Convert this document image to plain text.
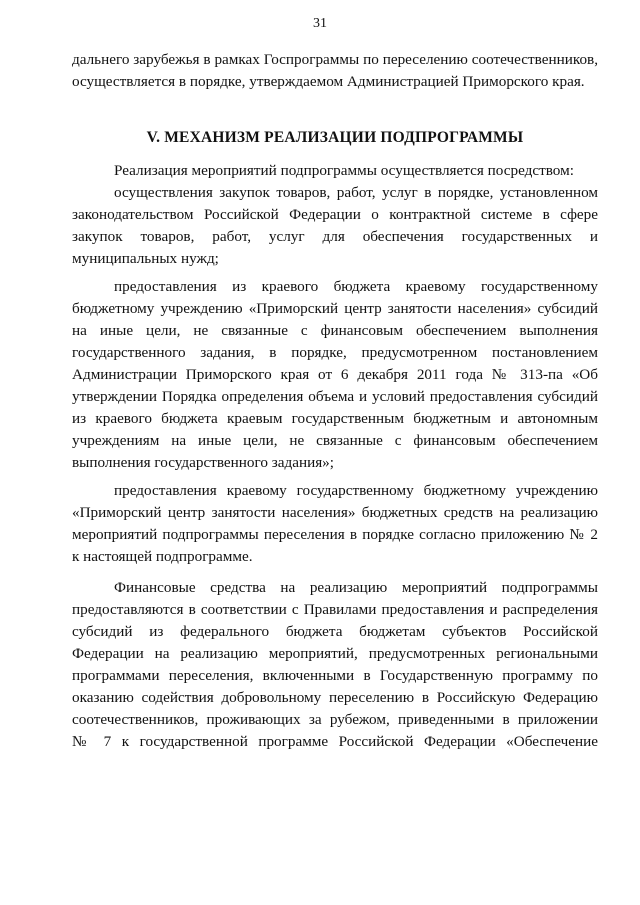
31
дальнего зарубежья в рамках Госпрограммы по переселению соотечественников,
осуществляется в порядке, утверждаемом Администрацией Приморского края.
V. МЕХАНИЗМ РЕАЛИЗАЦИИ ПОДПРОГРАММЫ
Реализация мероприятий подпрограммы осуществляется посредством:
осуществления закупок товаров, работ, услуг в порядке, установленном
законодательством Российской Федерации о контрактной системе в сфере
закупок товаров, работ, услуг для обеспечения государственных и
муниципальных нужд;
предоставления из краевого бюджета краевому государственному
бюджетному учреждению «Приморский центр занятости населения» субсидий
на иные цели, не связанные с финансовым обеспечением выполнения
государственного задания, в порядке, предусмотренном постановлением
Администрации Приморского края от 6 декабря 2011 года № 313-па «Об
утверждении Порядка определения объема и условий предоставления субсидий
из краевого бюджета краевым государственным бюджетным и автономным
учреждениям на иные цели, не связанные с финансовым обеспечением
выполнения государственного задания»;
предоставления краевому государственному бюджетному учреждению
«Приморский центр занятости населения» бюджетных средств на реализацию
мероприятий подпрограммы переселения в порядке согласно приложению № 2
к настоящей подпрограмме.
Финансовые средства на реализацию мероприятий подпрограммы
предоставляются в соответствии с Правилами предоставления и распределения
субсидий из федерального бюджета бюджетам субъектов Российской
Федерации на реализацию мероприятий, предусмотренных региональными
программами переселения, включенными в Государственную программу по
оказанию содействия добровольному переселению в Российскую Федерацию
соотечественников, проживающих за рубежом, приведенными в приложении
№ 7 к государственной программе Российской Федерации «Обеспечение
